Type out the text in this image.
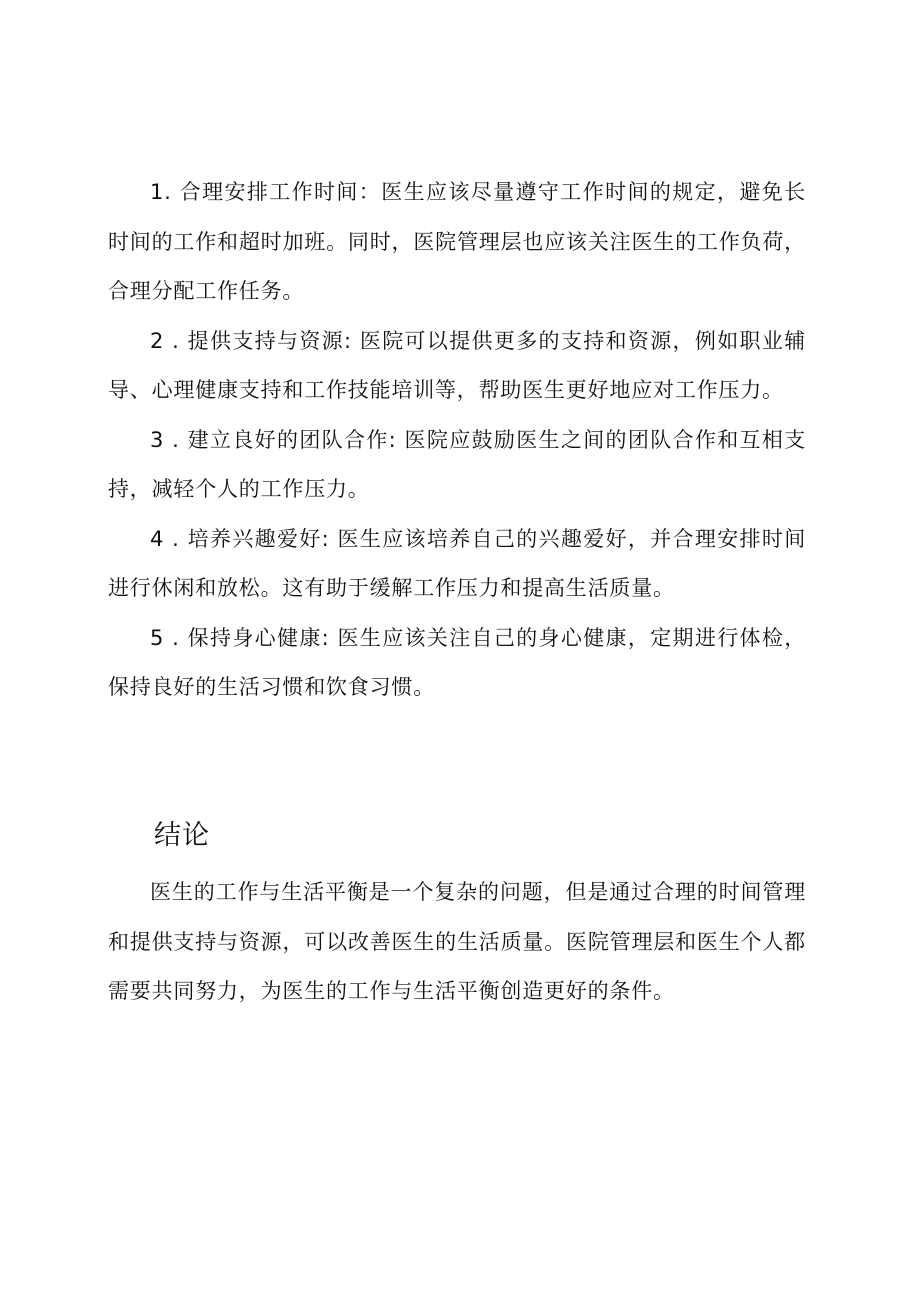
1. 合理安排工作时间：医生应该尽量遵守工作时间的规定，避免长时间的工作和超时加班。同时，医院管理层也应该关注医生的工作负荷，合理分配工作任务。

2 . 提供支持与资源: 医院可以提供更多的支持和资源，例如职业辅导、心理健康支持和工作技能培训等，帮助医生更好地应对工作压力。

3 . 建立良好的团队合作: 医院应鼓励医生之间的团队合作和互相支持，减轻个人的工作压力。

4 . 培养兴趣爱好: 医生应该培养自己的兴趣爱好，并合理安排时间进行休闲和放松。这有助于缓解工作压力和提高生活质量。

5 . 保持身心健康: 医生应该关注自己的身心健康，定期进行体检，保持良好的生活习惯和饮食习惯。

结论

医生的工作与生活平衡是一个复杂的问题，但是通过合理的时间管理和提供支持与资源，可以改善医生的生活质量。医院管理层和医生个人都需要共同努力，为医生的工作与生活平衡创造更好的条件。
